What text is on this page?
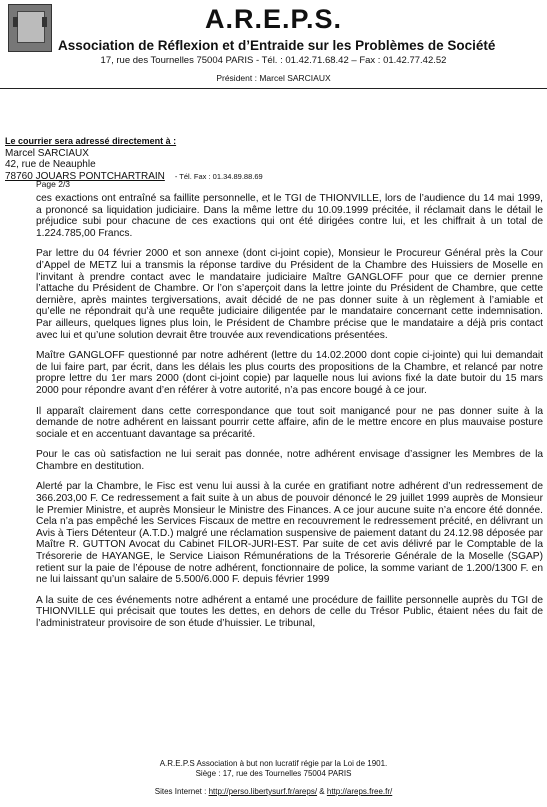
A.R.E.P.S.
Association de Réflexion et d’Entraide sur les Problèmes de Société
17, rue des Tournelles 75004 PARIS - Tél. : 01.42.71.68.42 – Fax : 01.42.77.42.52
Président : Marcel SARCIAUX
Le courrier sera adressé directement à :
Marcel SARCIAUX
42, rue de Neauphle
78760 JOUARS PONTCHARTRAIN - Tél. Fax : 01.34.89.88.69
Page 2/3

ces exactions ont entraîné sa faillite personnelle, et le TGI de THIONVILLE, lors de l’audience du 14 mai 1999, a prononcé sa liquidation judiciaire. Dans la même lettre du 10.09.1999 précitée, il réclamait dans le détail le préjudice subi pour chacune de ces exactions qui ont été dirigées contre lui, et les chiffrait à un total de 1.224.785,00 Francs.

Par lettre du 04 février 2000 et son annexe (dont ci-joint copie), Monsieur le Procureur Général près la Cour d’Appel de METZ lui a transmis la réponse tardive du Président de la Chambre des Huissiers de Moselle en l’invitant à prendre contact avec le mandataire judiciaire Maître GANGLOFF pour que ce dernier prenne l’attache du Président de Chambre. Or l’on s’aperçoit dans la lettre jointe du Président de Chambre, que cette dernière, après maintes tergiversations, avait décidé de ne pas donner suite à un règlement à l’amiable et qu’elle ne répondrait qu’à une requête judiciaire diligentée par le mandataire concernant cette indemnisation. Par ailleurs, quelques lignes plus loin, le Président de Chambre précise que le mandataire a déjà pris contact avec lui et qu’une solution devrait être trouvée aux revendications présentées.

Maître GANGLOFF questionné par notre adhérent (lettre du 14.02.2000 dont copie ci-jointe) qui lui demandait de lui faire part, par écrit, dans les délais les plus courts des propositions de la Chambre, et relancé par notre propre lettre du 1er mars 2000 (dont ci-joint copie) par laquelle nous lui avions fixé la date butoir du 15 mars 2000 pour répondre avant d’en référer à votre autorité, n’a pas encore bougé à ce jour.

Il apparaît clairement dans cette correspondance que tout soit manigancé pour ne pas donner suite à la demande de notre adhérent en laissant pourrir cette affaire, afin de le mettre encore en plus mauvaise posture sociale et en accentuant davantage sa précarité.

Pour le cas où satisfaction ne lui serait pas donnée, notre adhérent envisage d’assigner les Membres de la Chambre en destitution.

Alerté par la Chambre, le Fisc est venu lui aussi à la curée en gratifiant notre adhérent d’un redressement de 366.203,00 F. Ce redressement a fait suite à un abus de pouvoir dénoncé le 29 juillet 1999 auprès de Monsieur le Premier Ministre, et auprès Monsieur le Ministre des Finances. A ce jour aucune suite n’a encore été donnée. Cela n’a pas empêché les Services Fiscaux de mettre en recouvrement le redressement précité, en délivrant un Avis à Tiers Détenteur (A.T.D.) malgré une réclamation suspensive de paiement datant du 24.12.98 déposée par Maître R. GUTTON Avocat du Cabinet FILOR-JURI-EST. Par suite de cet avis délivré par le Comptable de la Trésorerie de HAYANGE, le Service Liaison Rémunérations de la Trésorerie Générale de la Moselle (SGAP) retient sur la paie de l’épouse de notre adhérent, fonctionnaire de police, la somme variant de 1.200/1300 F. en ne lui laissant qu’un salaire de 5.500/6.000 F. depuis février 1999

A la suite de ces événements notre adhérent a entamé une procédure de faillite personnelle auprès du TGI de THIONVILLE qui précisait que toutes les dettes, en dehors de celle du Trésor Public, étaient nées du fait de l’administrateur provisoire de son étude d’huissier. Le tribunal,

A.R.E.P.S Association à but non lucratif régie par la Loi de 1901.
Siège : 17, rue des Tournelles 75004 PARIS
Sites Internet : http://perso.libertysurf.fr/areps/ & http://areps.free.fr/
